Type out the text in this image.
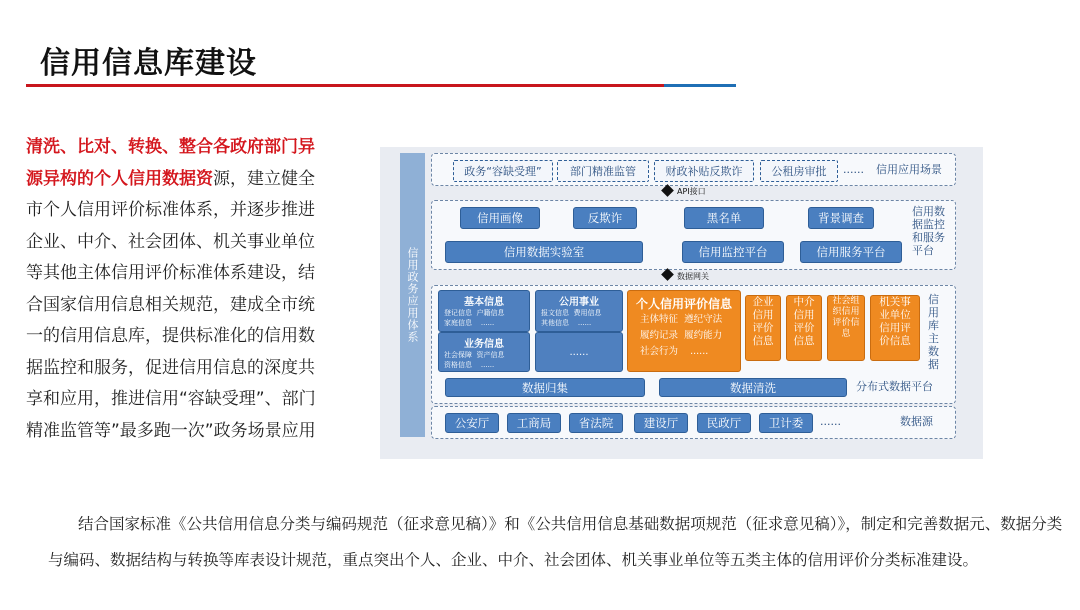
信用信息库建设
清洗、比对、转换、整合各政府部门异源异构的个人信用数据资源，建立健全市个人信用评价标准体系，并逐步推进企业、中介、社会团体、机关事业单位等其他主体信用评价标准体系建设，结合国家信用信息相关规范，建成全市统一的信用信息库，提供标准化的信用数据监控和服务，促进信用信息的深度共享和应用，推进信用“容缺受理”、部门精准监管等”最多跑一次”政务场景应用
信用政务应用体系
政务“容缺受理”	部门精准监管	财政补贴反欺诈	公租房审批	...... 信用应用场景
API接口
信用画像	反欺诈	黑名单	背景调查
信用数据实验室	信用监控平台	信用服务平台
信用数据监控和服务平台
数据网关
基本信息
登记信息 户籍信息
家庭信息 ......
业务信息
社会保障 资产信息
资格信息 ......
公用事业
报文信息 费用信息
其他信息 ......
......
个人信用评价信息
主体特征 遵纪守法
履约记录 履约能力
社会行为 ......
企业信用评价信息
中介信用评价信息
社会组织信用评价信息
机关事业单位信用评价信息
信用库主数据
数据归集	数据清洗	分布式数据平台
公安厅	工商局	省法院	建设厅	民政厅	卫计委	......	数据源
结合国家标准《公共信用信息分类与编码规范（征求意见稿）》和《公共信用信息基础数据项规范（征求意见稿）》，制定和完善数据元、数据分类与编码、数据结构与转换等库表设计规范，重点突出个人、企业、中介、社会团体、机关事业单位等五类主体的信用评价分类标准建设。
